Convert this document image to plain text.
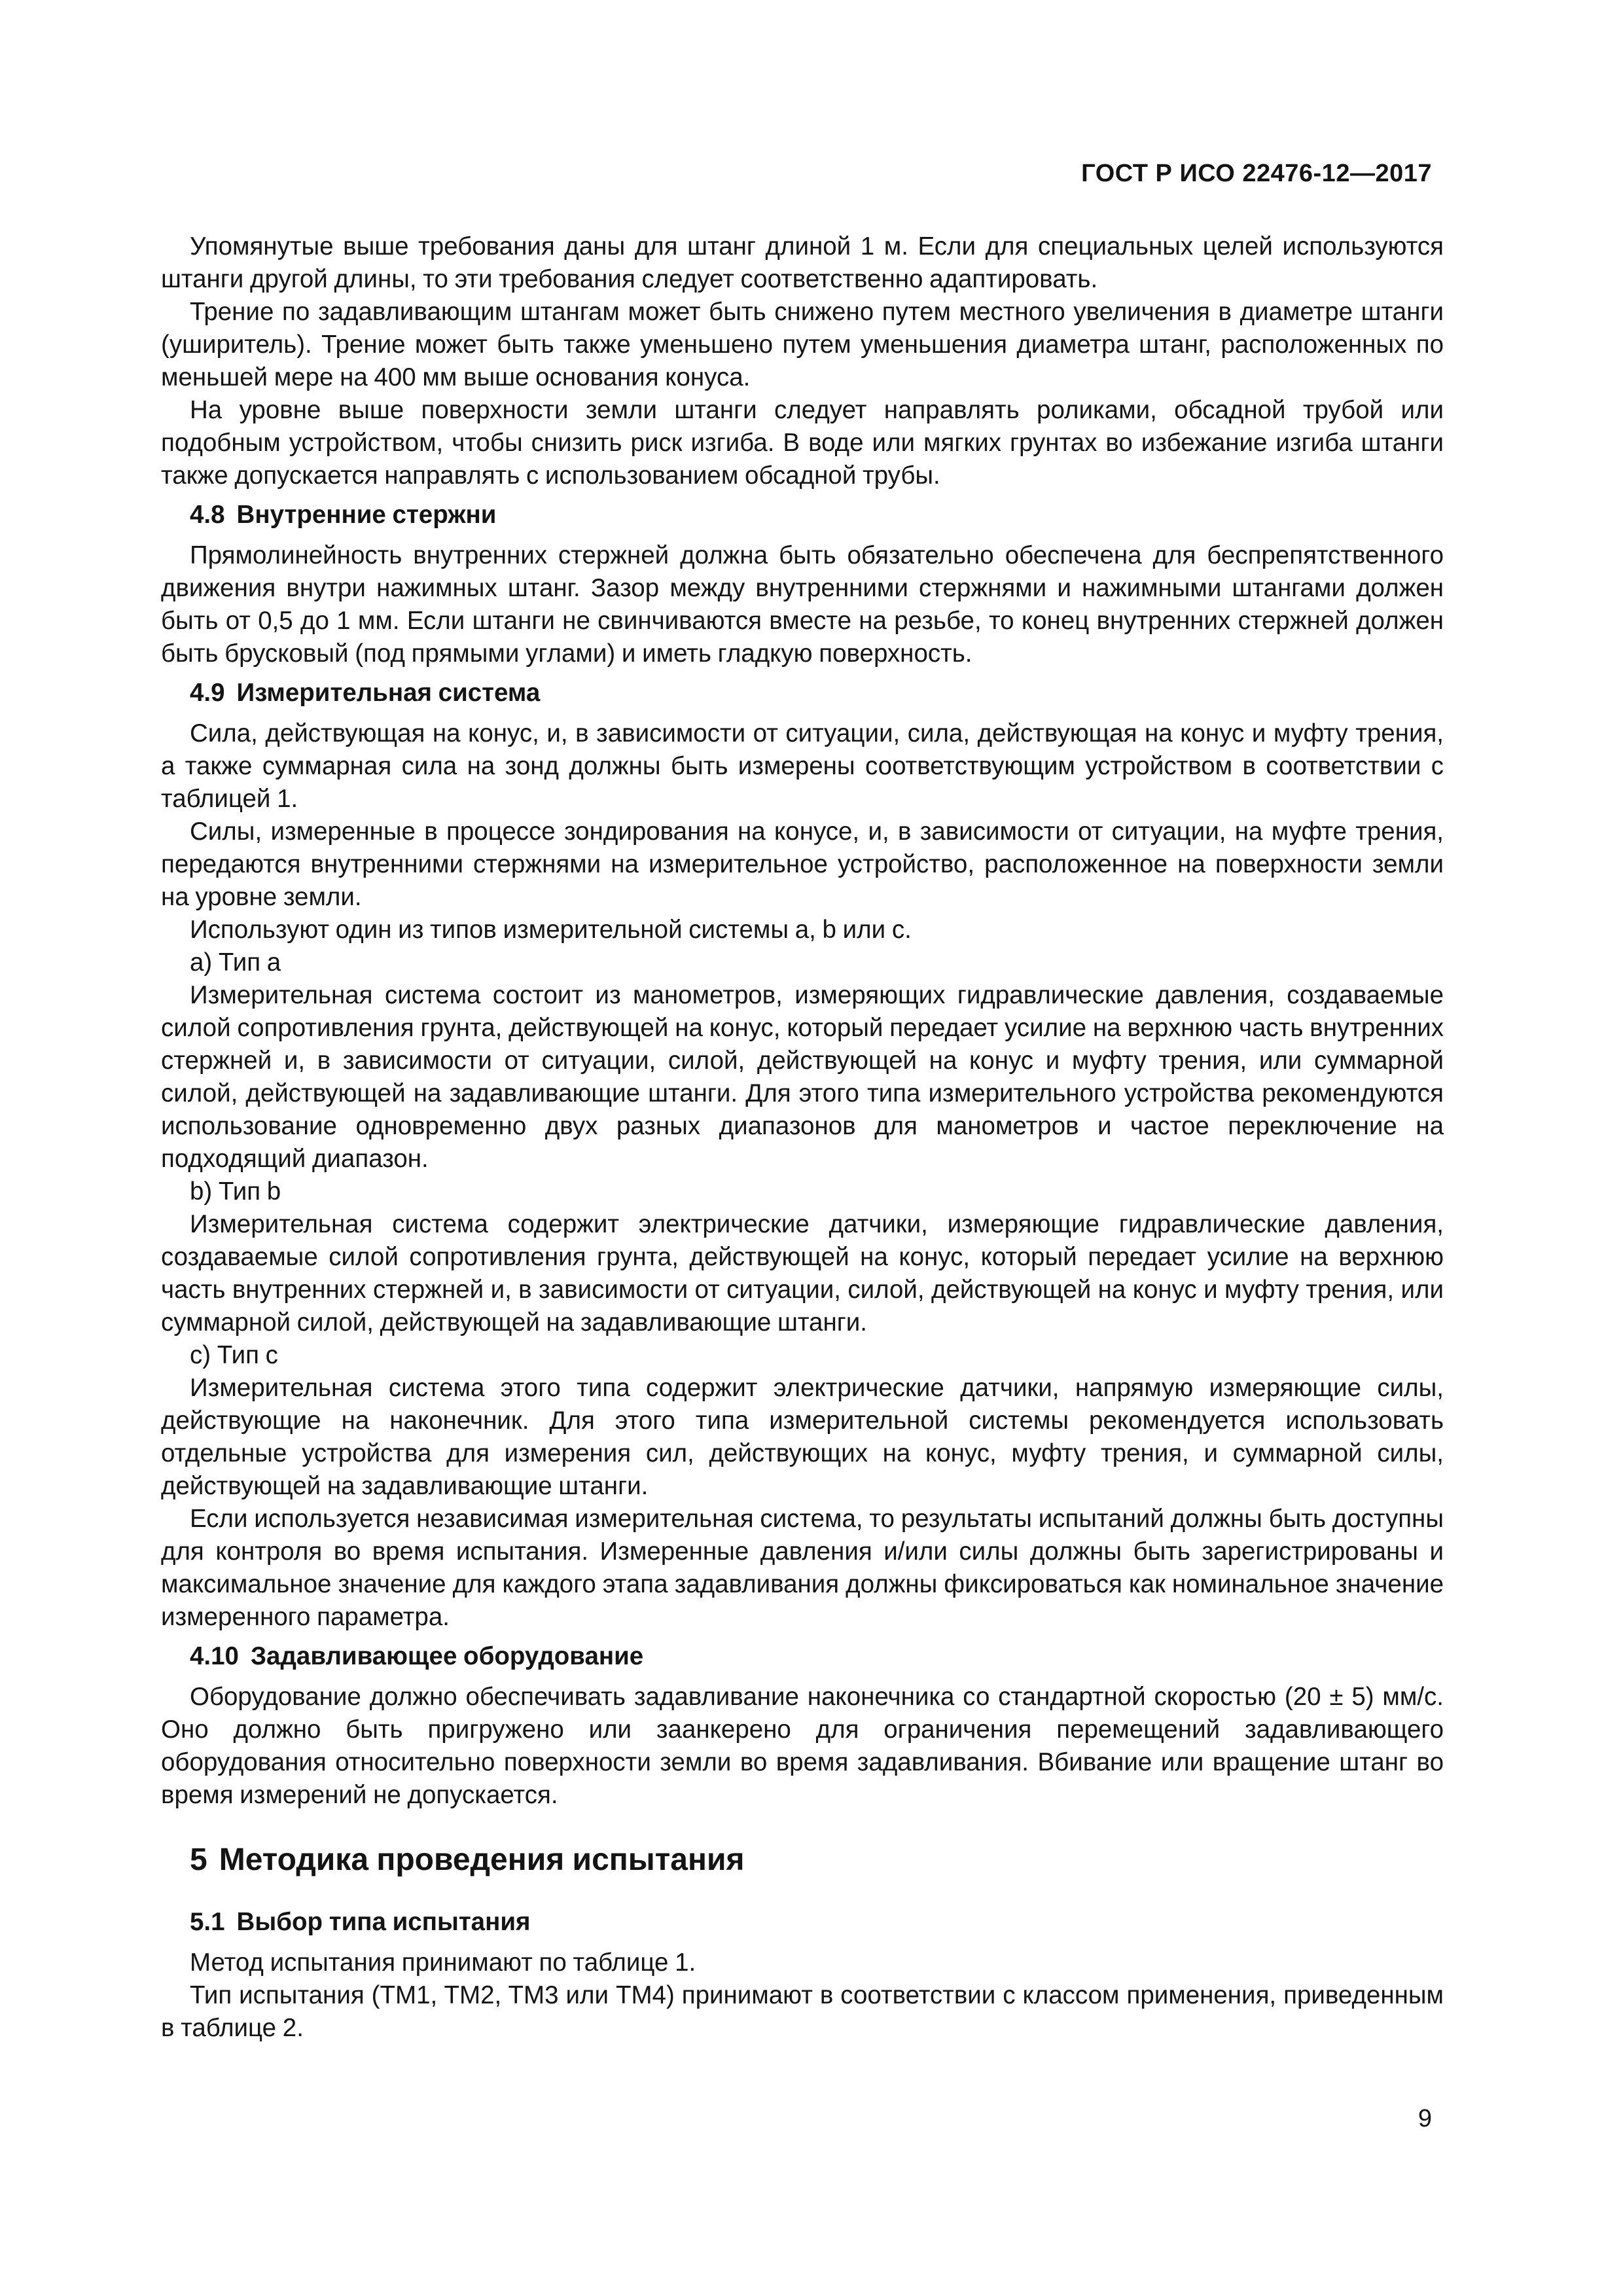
ГОСТ Р ИСО 22476-12—2017

Упомянутые выше требования даны для штанг длиной 1 м. Если для специальных целей используются штанги другой длины, то эти требования следует соответственно адаптировать.

Трение по задавливающим штангам может быть снижено путем местного увеличения в диаметре штанги (уширитель). Трение может быть также уменьшено путем уменьшения диаметра штанг, расположенных по меньшей мере на 400 мм выше основания конуса.

На уровне выше поверхности земли штанги следует направлять роликами, обсадной трубой или подобным устройством, чтобы снизить риск изгиба. В воде или мягких грунтах во избежание изгиба штанги также допускается направлять с использованием обсадной трубы.

4.8 Внутренние стержни

Прямолинейность внутренних стержней должна быть обязательно обеспечена для беспрепятственного движения внутри нажимных штанг. Зазор между внутренними стержнями и нажимными штангами должен быть от 0,5 до 1 мм. Если штанги не свинчиваются вместе на резьбе, то конец внутренних стержней должен быть брусковый (под прямыми углами) и иметь гладкую поверхность.

4.9 Измерительная система

Сила, действующая на конус, и, в зависимости от ситуации, сила, действующая на конус и муфту трения, а также суммарная сила на зонд должны быть измерены соответствующим устройством в соответствии с таблицей 1.

Силы, измеренные в процессе зондирования на конусе, и, в зависимости от ситуации, на муфте трения, передаются внутренними стержнями на измерительное устройство, расположенное на поверхности земли на уровне земли.

Используют один из типов измерительной системы a, b или c.

a) Тип a

Измерительная система состоит из манометров, измеряющих гидравлические давления, создаваемые силой сопротивления грунта, действующей на конус, который передает усилие на верхнюю часть внутренних стержней и, в зависимости от ситуации, силой, действующей на конус и муфту трения, или суммарной силой, действующей на задавливающие штанги. Для этого типа измерительного устройства рекомендуются использование одновременно двух разных диапазонов для манометров и частое переключение на подходящий диапазон.

b) Тип b

Измерительная система содержит электрические датчики, измеряющие гидравлические давления, создаваемые силой сопротивления грунта, действующей на конус, который передает усилие на верхнюю часть внутренних стержней и, в зависимости от ситуации, силой, действующей на конус и муфту трения, или суммарной силой, действующей на задавливающие штанги.

c) Тип c

Измерительная система этого типа содержит электрические датчики, напрямую измеряющие силы, действующие на наконечник. Для этого типа измерительной системы рекомендуется использовать отдельные устройства для измерения сил, действующих на конус, муфту трения, и суммарной силы, действующей на задавливающие штанги.

Если используется независимая измерительная система, то результаты испытаний должны быть доступны для контроля во время испытания. Измеренные давления и/или силы должны быть зарегистрированы и максимальное значение для каждого этапа задавливания должны фиксироваться как номинальное значение измеренного параметра.

4.10 Задавливающее оборудование

Оборудование должно обеспечивать задавливание наконечника со стандартной скоростью (20 ± 5) мм/с. Оно должно быть пригружено или заанкерено для ограничения перемещений задавливающего оборудования относительно поверхности земли во время задавливания. Вбивание или вращение штанг во время измерений не допускается.

5 Методика проведения испытания
5.1 Выбор типа испытания

Метод испытания принимают по таблице 1.

Тип испытания (TM1, TM2, TM3 или TM4) принимают в соответствии с классом применения, приведенным в таблице 2.

9
